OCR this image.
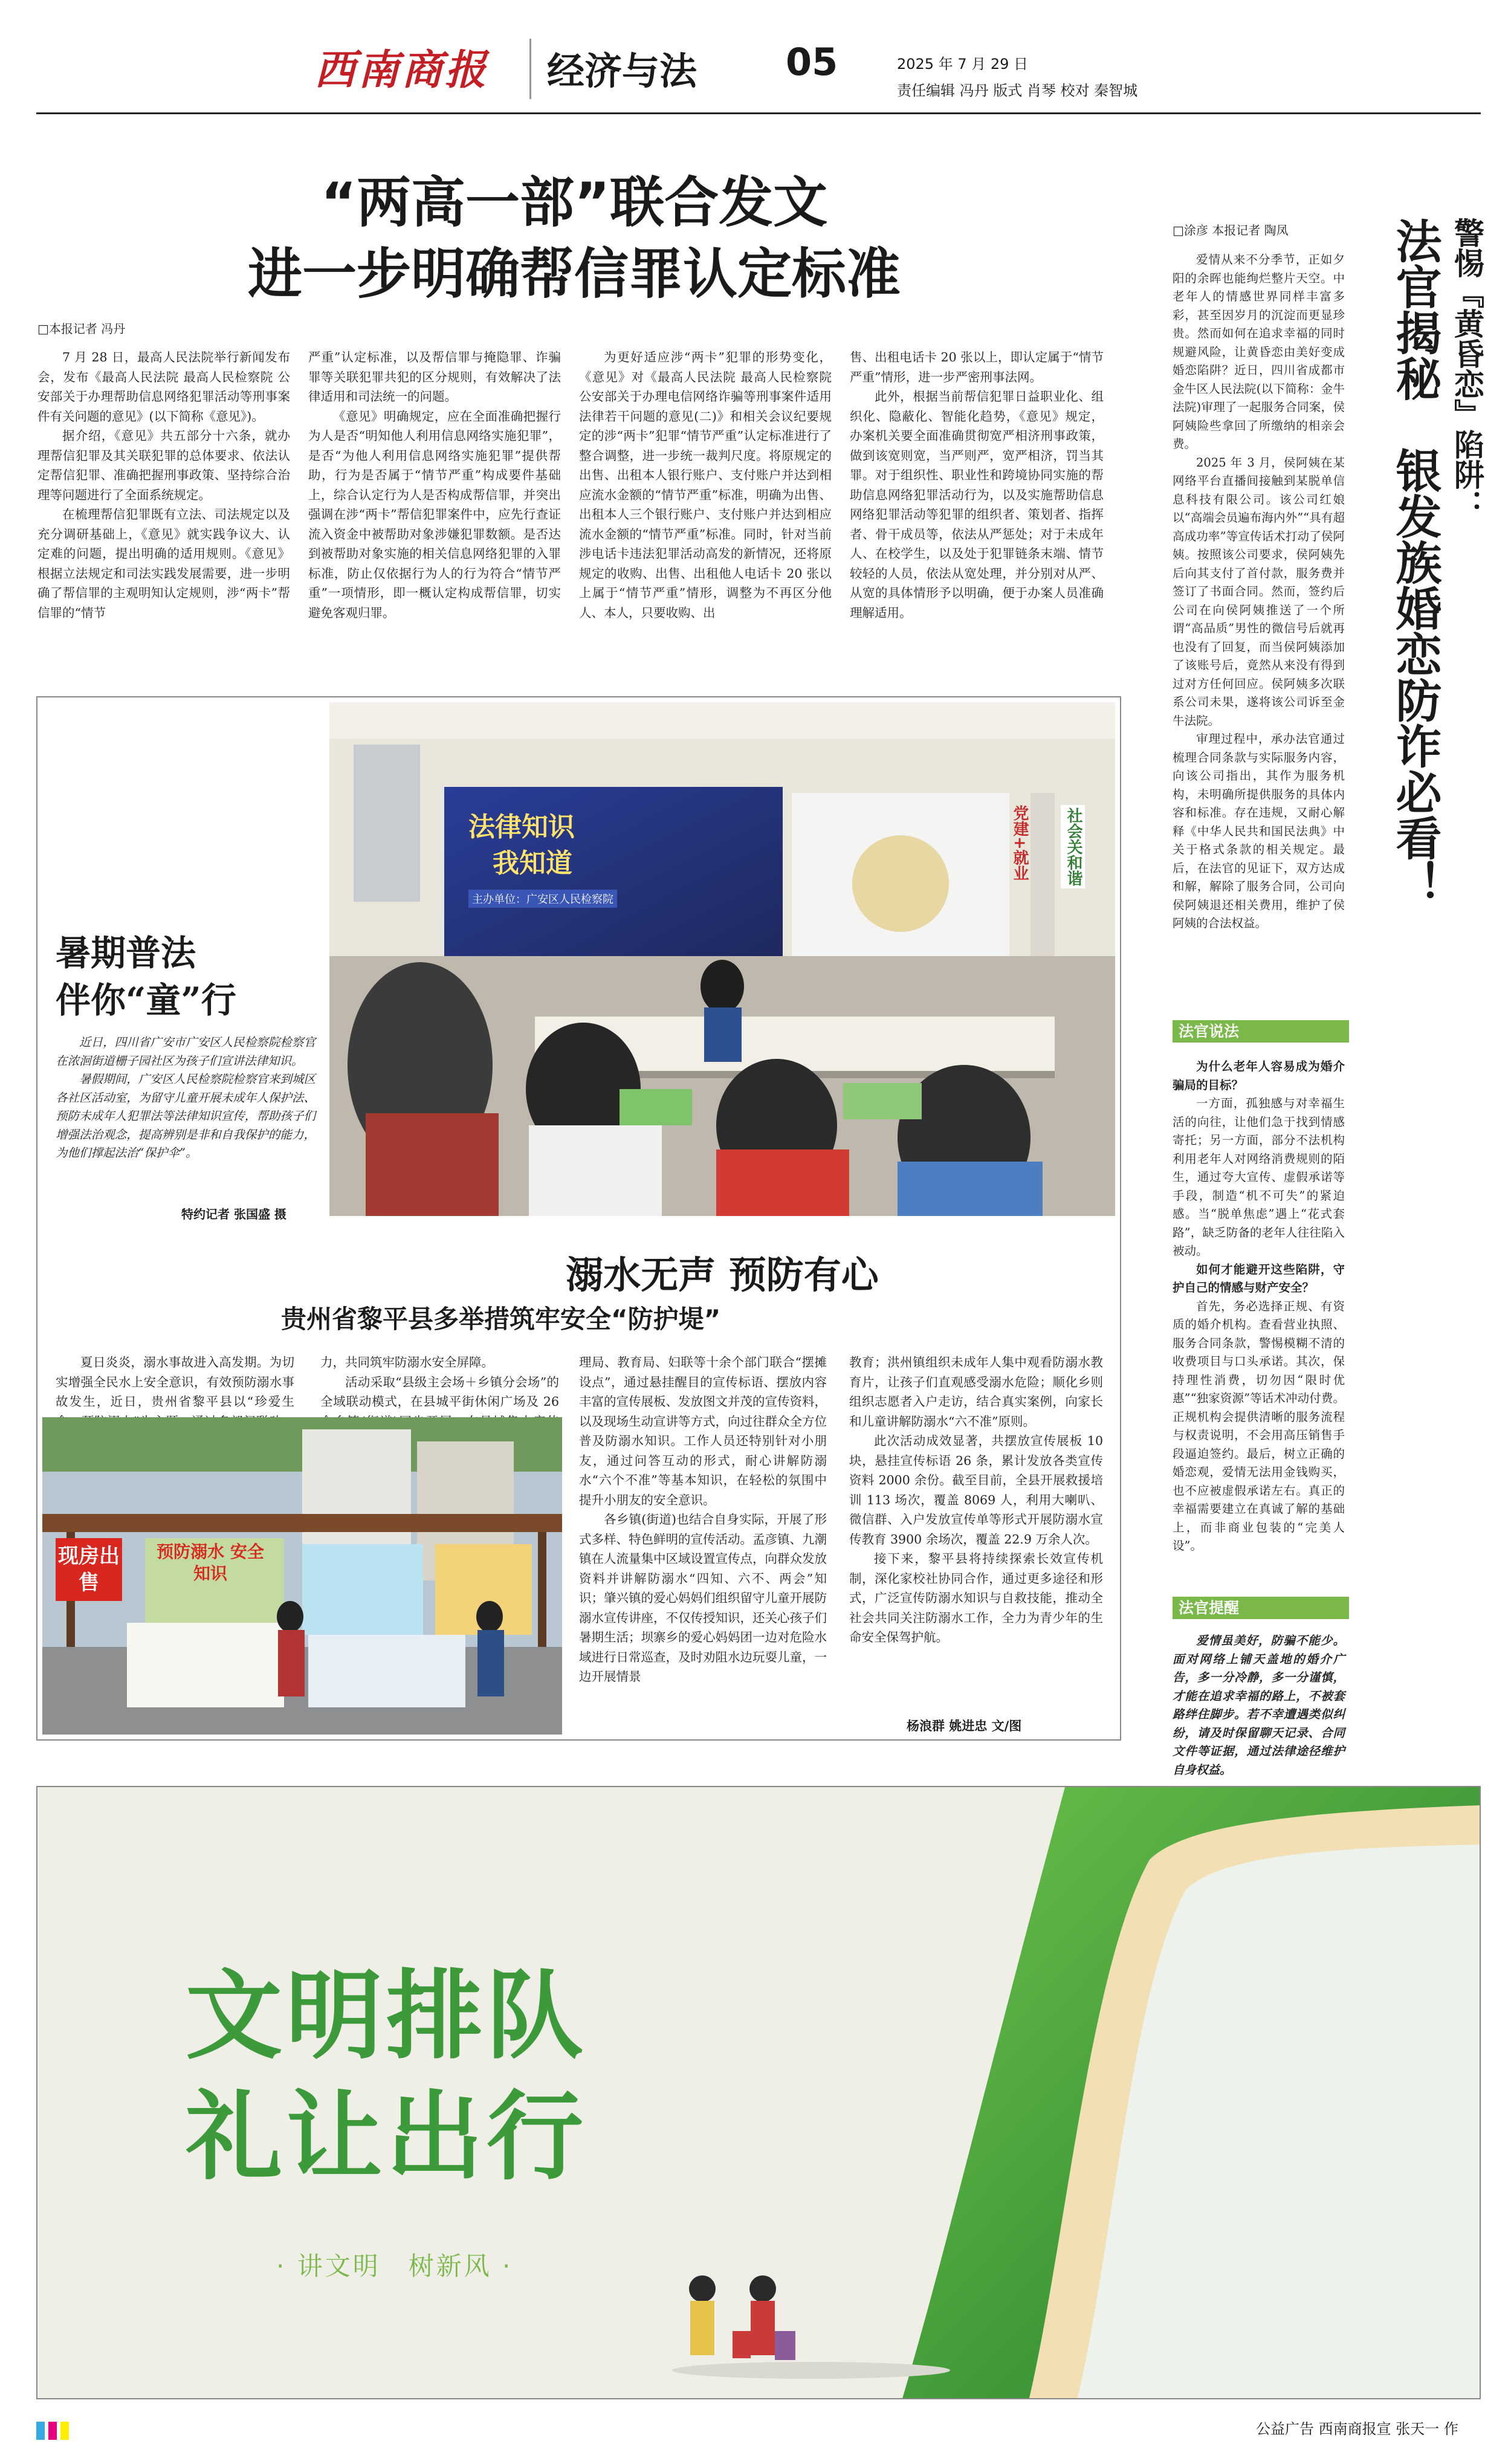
西南商报 经济与法 05	2025 年 7 月 29 日
责任编辑 冯丹 版式 肖琴 校对 秦智城
“两高一部”联合发文
进一步明确帮信罪认定标准
□本报记者 冯丹

7 月 28 日，最高人民法院举行新闻发布会，发布《最高人民法院 最高人民检察院 公安部关于办理帮助信息网络犯罪活动等刑事案件有关问题的意见》(以下简称《意见》)。

据介绍，《意见》共五部分十六条，就办理帮信犯罪及其关联犯罪的总体要求、依法认定帮信犯罪、准确把握刑事政策、坚持综合治理等问题进行了全面系统规定。

在梳理帮信犯罪既有立法、司法规定以及充分调研基础上，《意见》就实践争议大、认定难的问题，提出明确的适用规则。《意见》根据立法规定和司法实践发展需要，进一步明确了帮信罪的主观明知认定规则，涉“两卡”帮信罪的“情节

严重”认定标准，以及帮信罪与掩隐罪、诈骗罪等关联犯罪共犯的区分规则，有效解决了法律适用和司法统一的问题。

《意见》明确规定，应在全面准确把握行为人是否“明知他人利用信息网络实施犯罪”，是否“为他人利用信息网络实施犯罪”提供帮助，行为是否属于“情节严重”构成要件基础上，综合认定行为人是否构成帮信罪，并突出强调在涉“两卡”帮信犯罪案件中，应先行查证流入资金中被帮助对象涉嫌犯罪数额。是否达到被帮助对象实施的相关信息网络犯罪的入罪标准，防止仅依据行为人的行为符合“情节严重”一项情形，即一概认定构成帮信罪，切实避免客观归罪。

为更好适应涉“两卡”犯罪的形势变化，《意见》对《最高人民法院 最高人民检察院 公安部关于办理电信网络诈骗等刑事案件适用法律若干问题的意见(二)》和相关会议纪要规定的涉“两卡”犯罪“情节严重”认定标准进行了整合调整，进一步统一裁判尺度。将原规定的出售、出租本人银行账户、支付账户并达到相应流水金额的“情节严重”标准，明确为出售、出租本人三个银行账户、支付账户并达到相应流水金额的“情节严重”标准。同时，针对当前涉电话卡违法犯罪活动高发的新情况，还将原规定的收购、出售、出租他人电话卡 20 张以上属于“情节严重”情形，调整为不再区分他人、本人，只要收购、出

售、出租电话卡 20 张以上，即认定属于“情节严重”情形，进一步严密刑事法网。

此外，根据当前帮信犯罪日益职业化、组织化、隐蔽化、智能化趋势，《意见》规定，办案机关要全面准确贯彻宽严相济刑事政策，做到该宽则宽，当严则严，宽严相济，罚当其罪。对于组织性、职业性和跨境协同实施的帮助信息网络犯罪活动行为，以及实施帮助信息网络犯罪活动等犯罪的组织者、策划者、指挥者、骨干成员等，依法从严惩处；对于未成年人、在校学生，以及处于犯罪链条末端、情节较轻的人员，依法从宽处理，并分别对从严、从宽的具体情形予以明确，便于办案人员准确理解适用。

法律知识
我知道
主办单位：广安区人民检察院
党建+就业 社会关和谐
暑期普法
伴你“童”行

近日，四川省广安市广安区人民检察院检察官在浓洄街道栅子园社区为孩子们宣讲法律知识。

暑假期间，广安区人民检察院检察官来到城区各社区活动室，为留守儿童开展未成年人保护法、预防未成年人犯罪法等法律知识宣传，帮助孩子们增强法治观念，提高辨别是非和自我保护的能力，为他们撑起法治“保护伞”。

特约记者 张国盛 摄
溺水无声 预防有心
贵州省黎平县多举措筑牢安全“防护堤”

夏日炎炎，溺水事故进入高发期。为切实增强全民水上安全意识，有效预防溺水事故发生，近日，贵州省黎平县以“珍爱生

力，共同筑牢防溺水安全屏障。

活动采取“县级主会场＋乡镇分会场”的全域联动模式，在县城平街休闲广场及 26

理局、教育局、妇联等十余个部门联合“摆摊设点”，通过悬挂醒目的宣传标语、摆放内容丰富的宣传展板、发放图文并茂的宣传资料，以及现场生动宣讲等方式，向过往群众全方位普及防溺水知识。工作人员还特别针对小朋友，通过问答互动的形式，耐心讲解防溺水“六个不准”等基本知识，在轻松的氛围中提升小朋友的安全意识。

各乡镇(街道)也结合自身实际，开展了形式多样、特色鲜明的宣传活动。孟彦镇、九潮镇在人流量集中区域设置宣传点，向群众发放资料并讲解防溺水“四知、六不、两会”知识；肇兴镇的爱心妈妈们组织留守儿童开展防溺水宣传讲座，不仅传授知识，还关心孩子们暑期生活；坝寨乡的爱心妈妈团一边对危险水域进行日常巡查，及时劝阻水边玩耍儿童，一边开展情景

教育；洪州镇组织未成年人集中观看防溺水教育片，让孩子们直观感受溺水危险；顺化乡则组织志愿者入户走访，结合真实案例，向家长和儿童讲解防溺水“六不准”原则。

此次活动成效显著，共摆放宣传展板 10 块，悬挂宣传标语 26 条，累计发放各类宣传资料 2000 余份。截至目前，全县开展救援培训 113 场次，覆盖 8069 人，利用大喇叭、微信群、入户发放宣传单等形式开展防溺水宣传教育 3900 余场次，覆盖 22.9 万余人次。

接下来，黎平县将持续探索长效宣传机制，深化家校社协同合作，通过更多途径和形式，广泛宣传防溺水知识与自救技能，推动全社会共同关注防溺水工作，全力为青少年的生命安全保驾护航。

杨浪群 姚进忠 文/图
现房出售
预防溺水 安全知识
□涂彦 本报记者 陶凤	警惕『黄昏恋』陷阱：
法官揭秘
银发族婚恋防诈必看！

爱情从来不分季节，正如夕阳的余晖也能绚烂整片天空。中老年人的情感世界同样丰富多彩，甚至因岁月的沉淀而更显珍贵。然而如何在追求幸福的同时规避风险，让黄昏恋由美好变成婚恋陷阱？近日，四川省成都市金牛区人民法院(以下简称：金牛法院)审理了一起服务合同案，侯阿姨险些拿回了所缴纳的相亲会费。

2025 年 3 月，侯阿姨在某网络平台直播间接触到某脱单信息科技有限公司。该公司红娘以“高端会员遍布海内外”“具有超高成功率”等宣传话术打动了侯阿姨。按照该公司要求，侯阿姨先后向其支付了首付款，服务费并签订了书面合同。然而，签约后公司在向侯阿姨推送了一个所谓“高品质”男性的微信号后就再也没有了回复，而当侯阿姨添加了该账号后，竟然从来没有得到过对方任何回应。侯阿姨多次联系公司未果，遂将该公司诉至金牛法院。

审理过程中，承办法官通过梳理合同条款与实际服务内容，向该公司指出，其作为服务机构，未明确所提供服务的具体内容和标准。存在违规，又耐心解释《中华人民共和国民法典》中关于格式条款的相关规定。最后，在法官的见证下，双方达成和解，解除了服务合同，公司向侯阿姨退还相关费用，维护了侯阿姨的合法权益。

法官说法

为什么老年人容易成为婚介骗局的目标？

一方面，孤独感与对幸福生活的向往，让他们急于找到情感寄托；另一方面，部分不法机构利用老年人对网络消费规则的陌生，通过夸大宣传、虚假承诺等手段，制造“机不可失”的紧迫感。当“脱单焦虑”遇上“花式套路”，缺乏防备的老年人往往陷入被动。

如何才能避开这些陷阱，守护自己的情感与财产安全？

首先，务必选择正规、有资质的婚介机构。查看营业执照、服务合同条款，警惕模糊不清的收费项目与口头承诺。其次，保持理性消费，切勿因“限时优惠”“独家资源”等话术冲动付费。正规机构会提供清晰的服务流程与权责说明，不会用高压销售手段逼迫签约。最后，树立正确的婚恋观，爱情无法用金钱购买，也不应被虚假承诺左右。真正的幸福需要建立在真诚了解的基础上，而非商业包装的“完美人设”。

法官提醒

爱情虽美好，防骗不能少。面对网络上铺天盖地的婚介广告，多一分冷静，多一分谨慎，才能在追求幸福的路上，不被套路绊住脚步。若不幸遭遇类似纠纷，请及时保留聊天记录、合同文件等证据，通过法律途径维护自身权益。

文明排队
礼让出行
· 讲文明　树新风 ·
公益广告 西南商报宣 张天一 作
